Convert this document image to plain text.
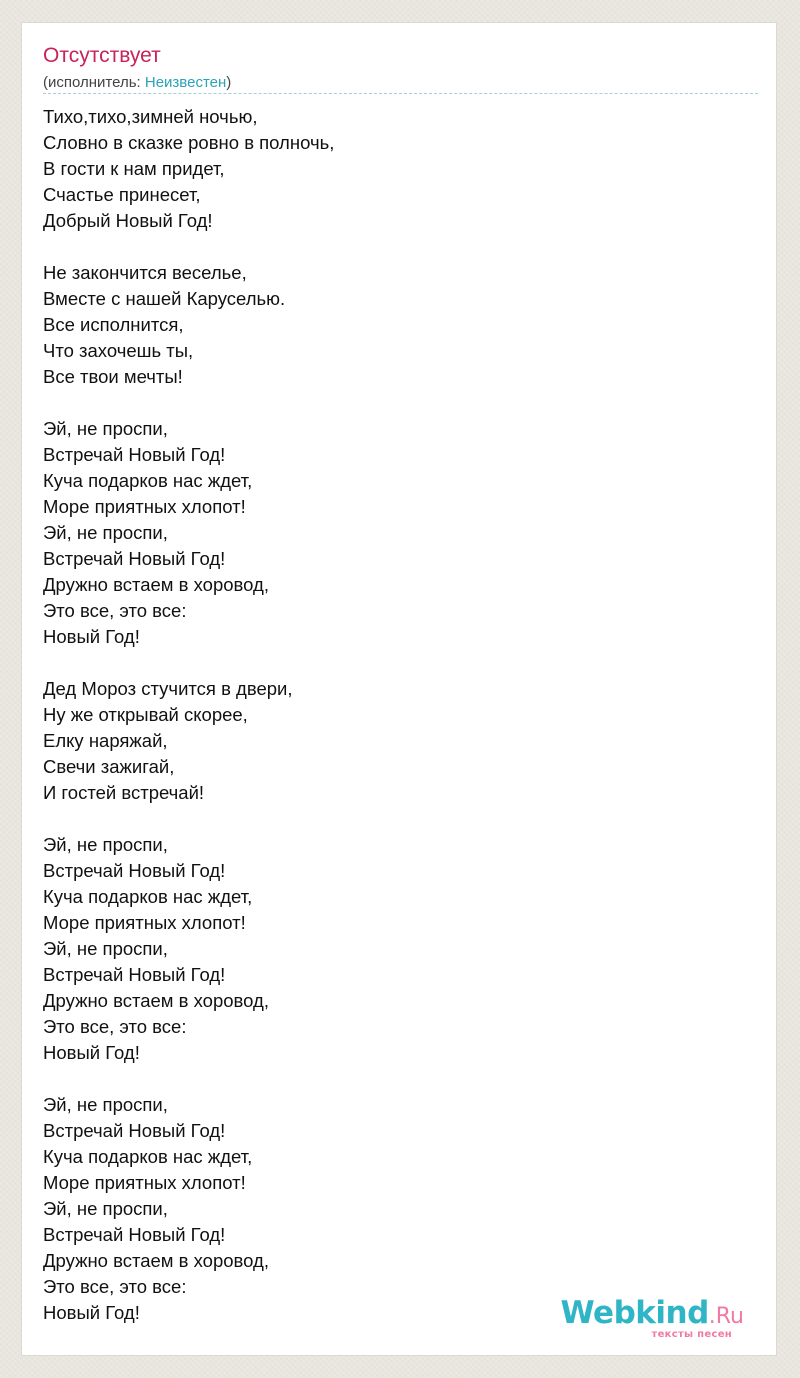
Отсутствует
(исполнитель: Неизвестен)
Тихо,тихо,зимней ночью,
Словно в сказке ровно в полночь,
В гости к нам придет,
Счастье принесет,
Добрый Новый Год!
Не закончится веселье,
Вместе с нашей Каруселью.
Все исполнится,
Что захочешь ты,
Все твои мечты!
Эй, не проспи,
Встречай Новый Год!
Куча подарков нас ждет,
Море приятных хлопот!
Эй, не проспи,
Встречай Новый Год!
Дружно встаем в хоровод,
Это все, это все:
Новый Год!
Дед Мороз стучится в двери,
Ну же открывай скорее,
Елку наряжай,
Свечи зажигай,
И гостей встречай!
Эй, не проспи,
Встречай Новый Год!
Куча подарков нас ждет,
Море приятных хлопот!
Эй, не проспи,
Встречай Новый Год!
Дружно встаем в хоровод,
Это все, это все:
Новый Год!
Эй, не проспи,
Встречай Новый Год!
Куча подарков нас ждет,
Море приятных хлопот!
Эй, не проспи,
Встречай Новый Год!
Дружно встаем в хоровод,
Это все, это все:
Новый Год!	Webkind.Ru
тексты песен
